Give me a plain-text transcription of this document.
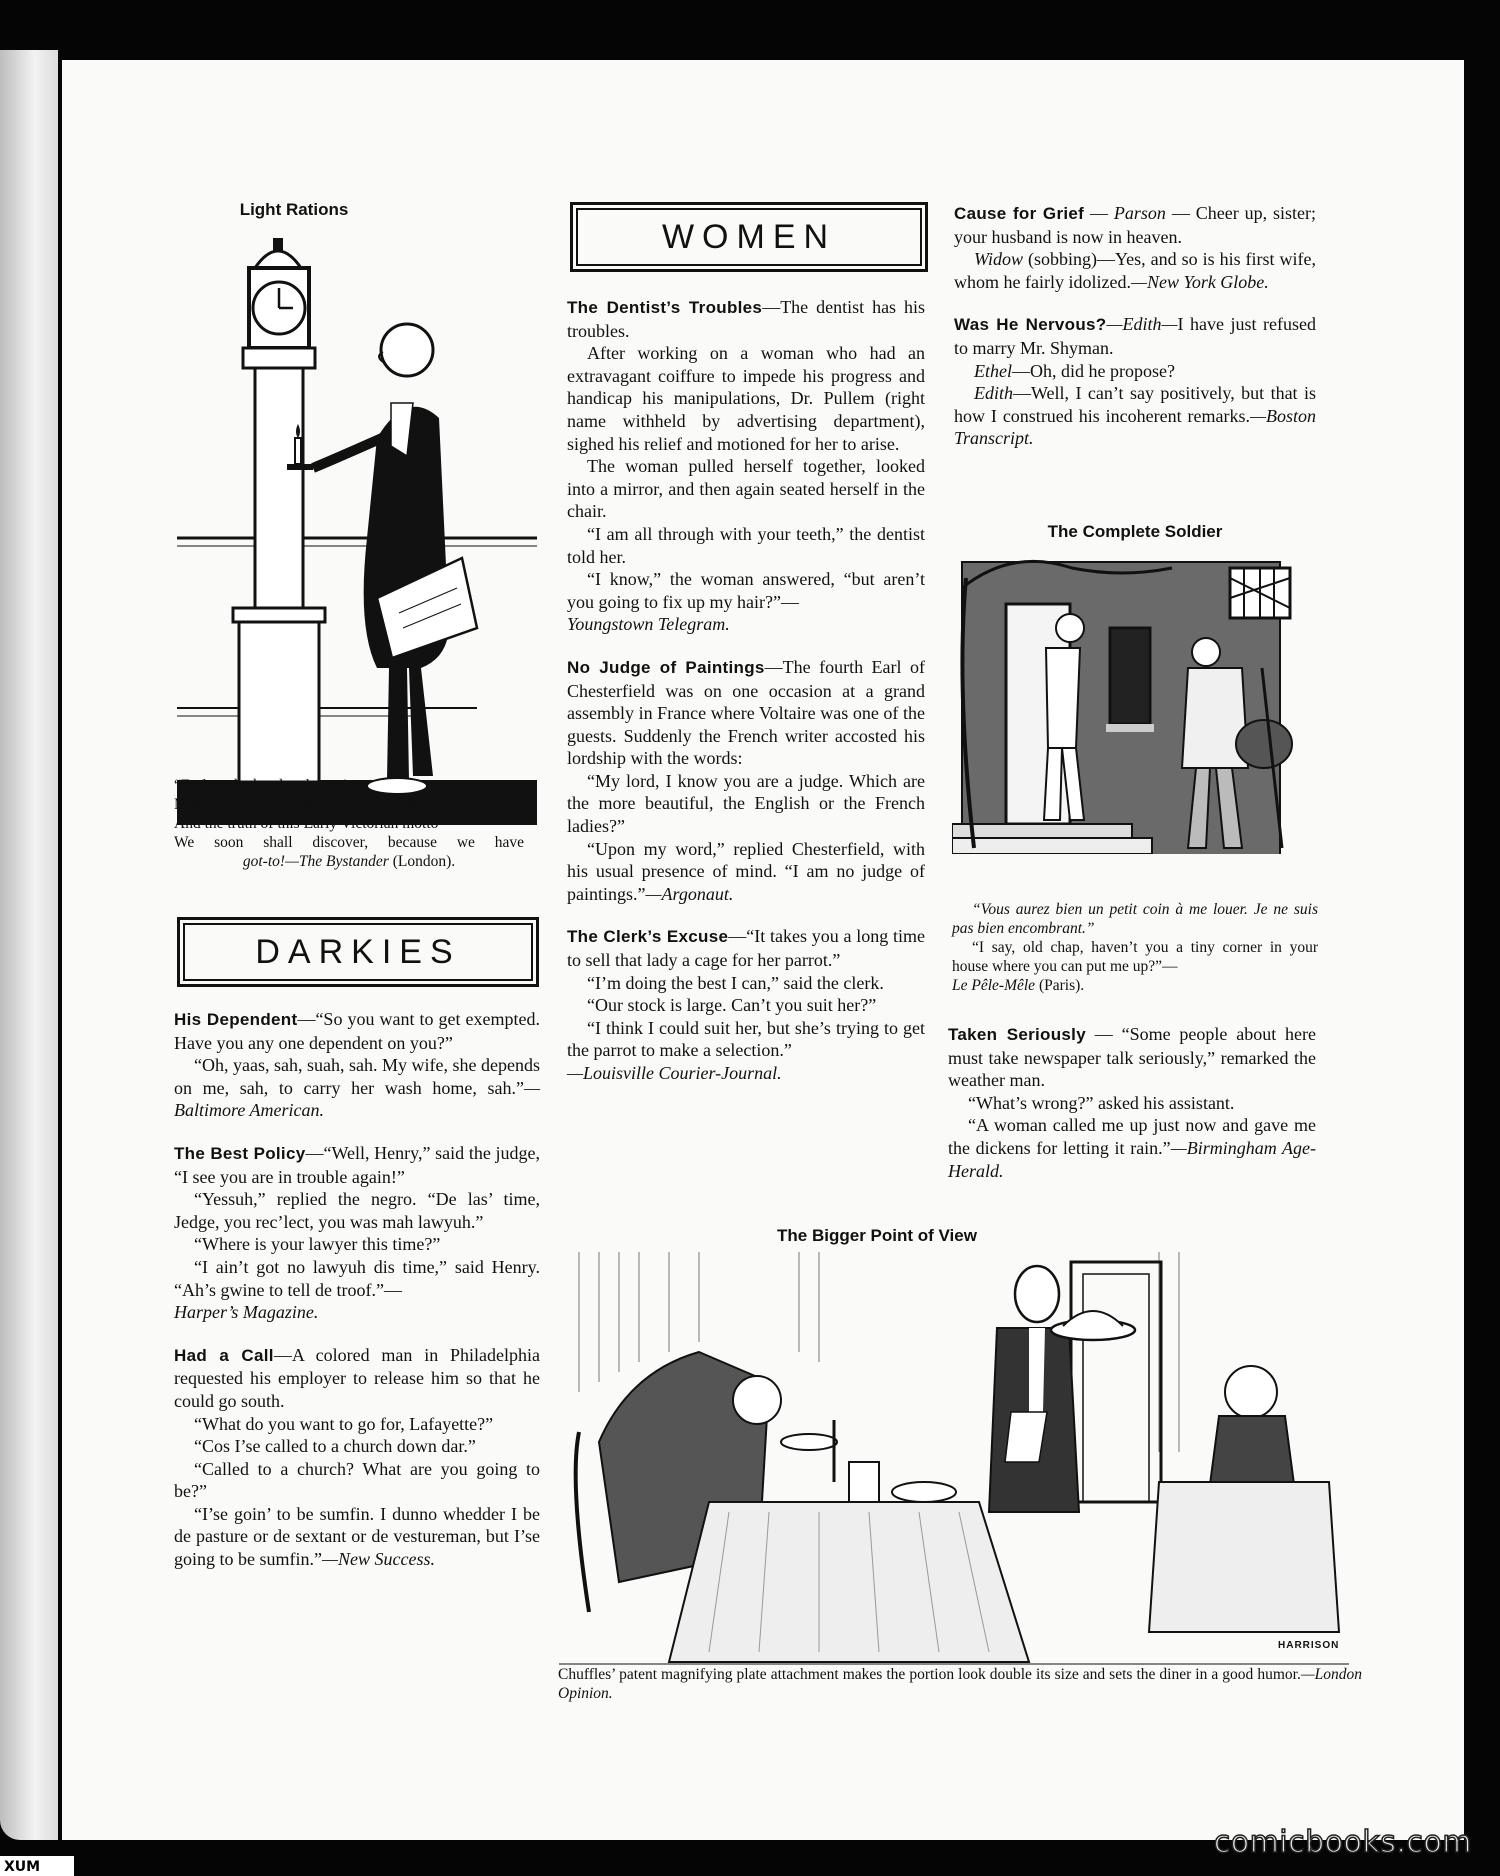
Light Rations
“Early to bed and early to rise
Makes a man healthy, and wealthy, and wise”:
And the truth of this Early Victorian motto
We soon shall discover, because we have
got-to!—The Bystander (London).
DARKIES

His Dependent—“So you want to get exempted. Have you any one dependent on you?”

“Oh, yaas, sah, suah, sah. My wife, she depends on me, sah, to carry her wash home, sah.”—Baltimore American.

The Best Policy—“Well, Henry,” said the judge, “I see you are in trouble again!”

“Yessuh,” replied the negro. “De las’ time, Jedge, you rec’lect, you was mah lawyuh.”

“Where is your lawyer this time?”

“I ain’t got no lawyuh dis time,” said Henry. “Ah’s gwine to tell de troof.”—

Harper’s Magazine.

Had a Call—A colored man in Philadelphia requested his employer to release him so that he could go south.

“What do you want to go for, Lafayette?”

“Cos I’se called to a church down dar.”

“Called to a church? What are you going to be?”

“I’se goin’ to be sumfin. I dunno whedder I be de pasture or de sextant or de vestureman, but I’se going to be sumfin.”—New Success.

WOMEN

The Dentist’s Troubles—The dentist has his troubles.

After working on a woman who had an extravagant coiffure to impede his progress and handicap his manipulations, Dr. Pullem (right name withheld by advertising department), sighed his relief and motioned for her to arise.

The woman pulled herself together, looked into a mirror, and then again seated herself in the chair.

“I am all through with your teeth,” the dentist told her.

“I know,” the woman answered, “but aren’t you going to fix up my hair?”—

Youngstown Telegram.

No Judge of Paintings—The fourth Earl of Chesterfield was on one occasion at a grand assembly in France where Voltaire was one of the guests. Suddenly the French writer accosted his lordship with the words:

“My lord, I know you are a judge. Which are the more beautiful, the English or the French ladies?”

“Upon my word,” replied Chesterfield, with his usual presence of mind. “I am no judge of paintings.”—Argonaut.

The Clerk’s Excuse—“It takes you a long time to sell that lady a cage for her parrot.”

“I’m doing the best I can,” said the clerk.

“Our stock is large. Can’t you suit her?”

“I think I could suit her, but she’s trying to get the parrot to make a selection.”

—Louisville Courier-Journal.

Cause for Grief — Parson — Cheer up, sister; your husband is now in heaven.

Widow (sobbing)—Yes, and so is his first wife, whom he fairly idolized.—New York Globe.

Was He Nervous?—Edith—I have just refused to marry Mr. Shyman.

Ethel—Oh, did he propose?

Edith—Well, I can’t say positively, but that is how I construed his incoherent remarks.—Boston Transcript.

The Complete Soldier
“Vous aurez bien un petit coin à me louer. Je ne suis pas bien encombrant.”
“I say, old chap, haven’t you a tiny corner in your house where you can put me up?”—
Le Pêle-Mêle (Paris).

Taken Seriously — “Some people about here must take newspaper talk seriously,” remarked the weather man.

“What’s wrong?” asked his assistant.

“A woman called me up just now and gave me the dickens for letting it rain.”—Birmingham Age-Herald.

The Bigger Point of View
HARRISON
Chuffles’ patent magnifying plate attachment makes the portion look double its size and sets the diner in a good humor.—London Opinion.
comicbooks.com
XUM
